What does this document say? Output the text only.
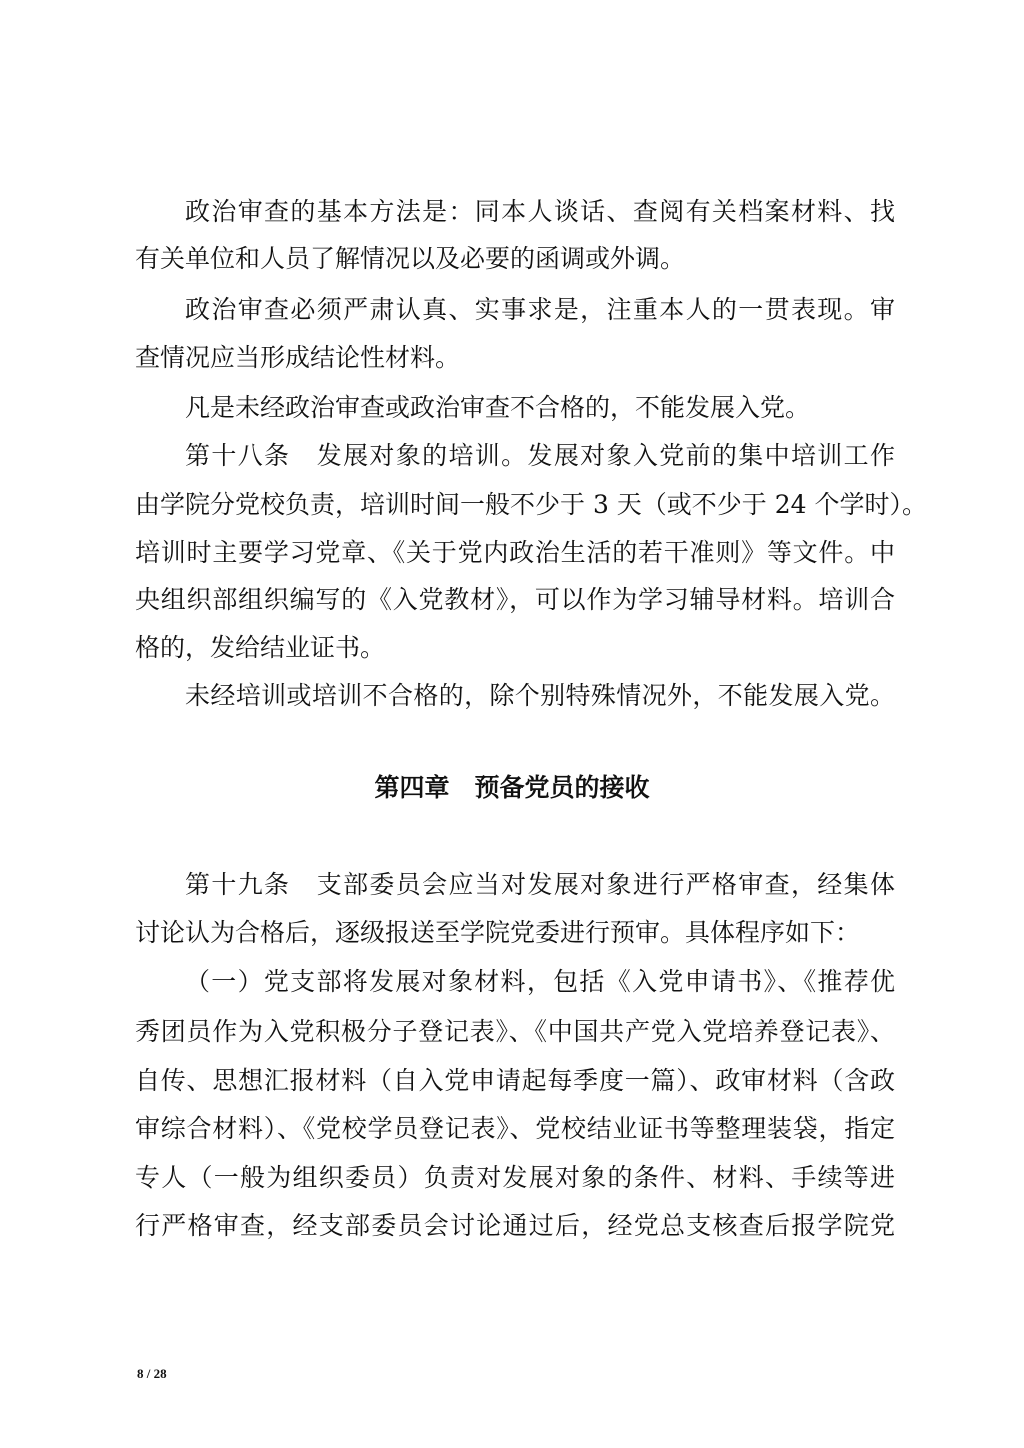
政治审查的基本方法是：同本人谈话、查阅有关档案材料、找
有关单位和人员了解情况以及必要的函调或外调。
政治审查必须严肃认真、实事求是，注重本人的一贯表现。审
查情况应当形成结论性材料。
凡是未经政治审查或政治审查不合格的，不能发展入党。
第十八条　发展对象的培训。发展对象入党前的集中培训工作
由学院分党校负责，培训时间一般不少于 3 天（或不少于 24 个学时）。
培训时主要学习党章、《关于党内政治生活的若干准则》等文件。中
央组织部组织编写的《入党教材》，可以作为学习辅导材料。培训合
格的，发给结业证书。
未经培训或培训不合格的，除个别特殊情况外，不能发展入党。
第四章　预备党员的接收
第十九条　支部委员会应当对发展对象进行严格审查，经集体
讨论认为合格后，逐级报送至学院党委进行预审。具体程序如下：
（一）党支部将发展对象材料，包括《入党申请书》、《推荐优
秀团员作为入党积极分子登记表》、《中国共产党入党培养登记表》、
自传、思想汇报材料（自入党申请起每季度一篇）、政审材料（含政
审综合材料）、《党校学员登记表》、党校结业证书等整理装袋，指定
专人（一般为组织委员）负责对发展对象的条件、材料、手续等进
行严格审查，经支部委员会讨论通过后，经党总支核查后报学院党
8 / 28
